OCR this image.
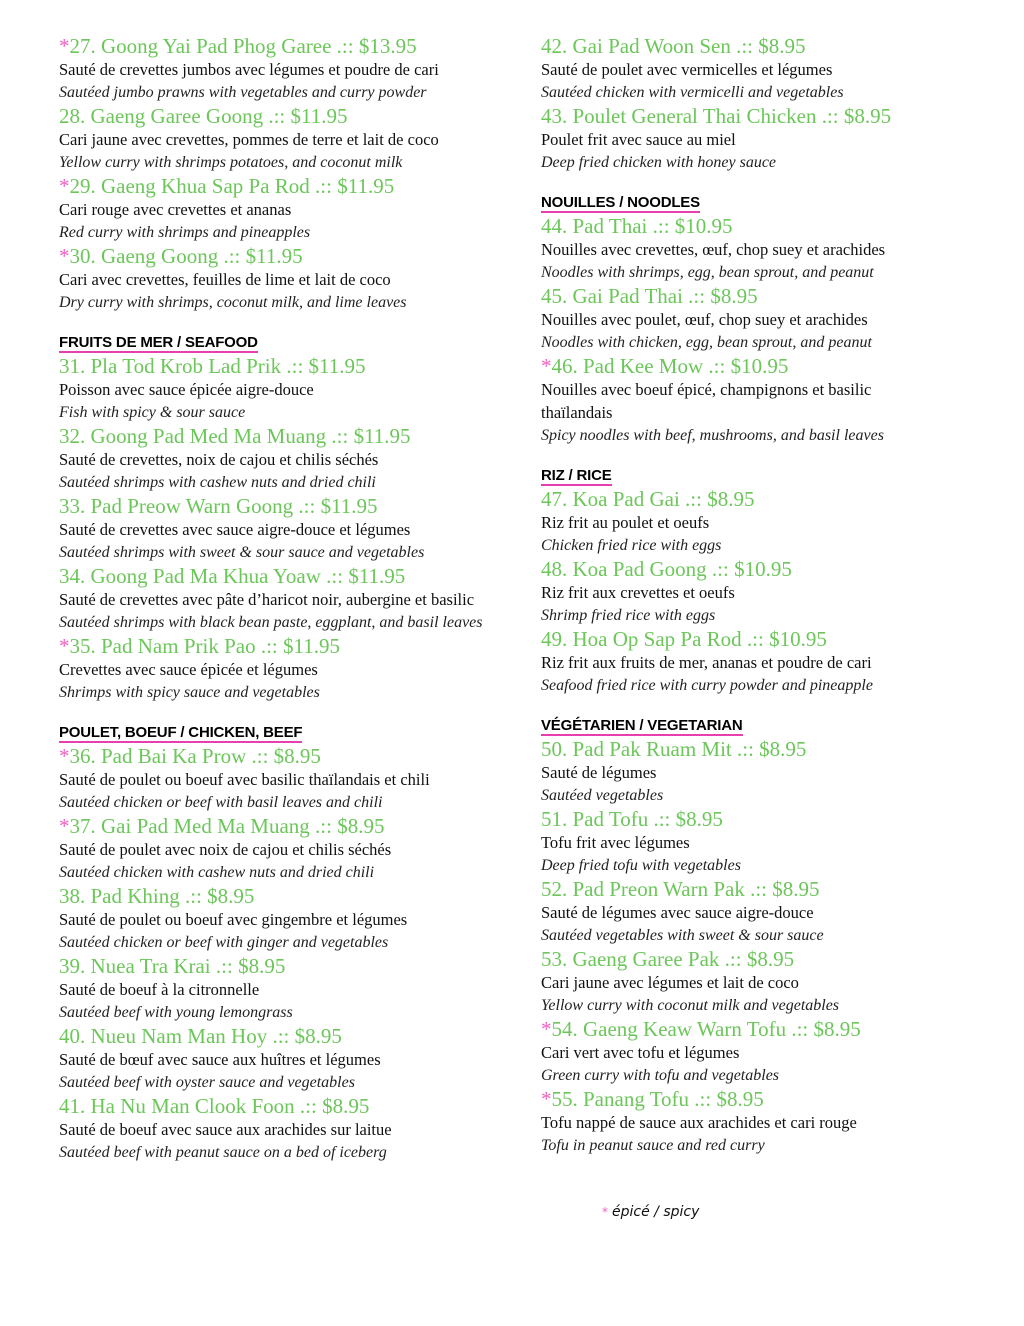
*27. Goong Yai Pad Phog Garee .:: $13.95
Sauté de crevettes jumbos avec légumes et poudre de cari
Sautéed jumbo prawns with vegetables and curry powder
28. Gaeng Garee Goong .:: $11.95
Cari jaune avec crevettes, pommes de terre et lait de coco
Yellow curry with shrimps potatoes, and coconut milk
*29. Gaeng Khua Sap Pa Rod .:: $11.95
Cari rouge avec crevettes et ananas
Red curry with shrimps and pineapples
*30. Gaeng Goong .:: $11.95
Cari avec crevettes, feuilles de lime et lait de coco
Dry curry with shrimps, coconut milk, and lime leaves
FRUITS DE MER / SEAFOOD
31. Pla Tod Krob Lad Prik .:: $11.95
Poisson avec sauce épicée aigre-douce
Fish with spicy & sour sauce
32. Goong Pad Med Ma Muang .:: $11.95
Sauté de crevettes, noix de cajou et chilis séchés
Sautéed shrimps with cashew nuts and dried chili
33. Pad Preow Warn Goong .:: $11.95
Sauté de crevettes avec sauce aigre-douce et légumes
Sautéed shrimps with sweet & sour sauce and vegetables
34. Goong Pad Ma Khua Yoaw .:: $11.95
Sauté de crevettes avec pâte d’haricot noir, aubergine et basilic
Sautéed shrimps with black bean paste, eggplant, and basil leaves
*35. Pad Nam Prik Pao .:: $11.95
Crevettes avec sauce épicée et légumes
Shrimps with spicy sauce and vegetables
POULET, BOEUF / CHICKEN, BEEF
*36. Pad Bai Ka Prow .:: $8.95
Sauté de poulet ou boeuf avec basilic thaïlandais et chili
Sautéed chicken or beef with basil leaves and chili
*37. Gai Pad Med Ma Muang .:: $8.95
Sauté de poulet avec noix de cajou et chilis séchés
Sautéed chicken with cashew nuts and dried chili
38. Pad Khing .:: $8.95
Sauté de poulet ou boeuf avec gingembre et légumes
Sautéed chicken or beef with ginger and vegetables
39. Nuea Tra Krai .:: $8.95
Sauté de boeuf à la citronnelle
Sautéed beef with young lemongrass
40. Nueu Nam Man Hoy .:: $8.95
Sauté de bœuf avec sauce aux huîtres et légumes
Sautéed beef with oyster sauce and vegetables
41. Ha Nu Man Clook Foon .:: $8.95
Sauté de boeuf avec sauce aux arachides sur laitue
Sautéed beef with peanut sauce on a bed of iceberg
42. Gai Pad Woon Sen .:: $8.95
Sauté de poulet avec vermicelles et légumes
Sautéed chicken with vermicelli and vegetables
43. Poulet General Thai Chicken .:: $8.95
Poulet frit avec sauce au miel
Deep fried chicken with honey sauce
NOUILLES / NOODLES
44. Pad Thai .:: $10.95
Nouilles avec crevettes, œuf, chop suey et arachides
Noodles with shrimps, egg, bean sprout, and peanut
45. Gai Pad Thai .:: $8.95
Nouilles avec poulet, œuf, chop suey et arachides
Noodles with chicken, egg, bean sprout, and peanut
*46. Pad Kee Mow .:: $10.95
Nouilles avec boeuf épicé, champignons et basilic thaïlandais
Spicy noodles with beef, mushrooms, and basil leaves
RIZ / RICE
47. Koa Pad Gai .:: $8.95
Riz frit au poulet et oeufs
Chicken fried rice with eggs
48. Koa Pad Goong .:: $10.95
Riz frit aux crevettes et oeufs
Shrimp fried rice with eggs
49. Hoa Op Sap Pa Rod .:: $10.95
Riz frit aux fruits de mer, ananas et poudre de cari
Seafood fried rice with curry powder and pineapple
VÉGÉTARIEN / VEGETARIAN
50. Pad Pak Ruam Mit .:: $8.95
Sauté de légumes
Sautéed vegetables
51. Pad Tofu .:: $8.95
Tofu frit avec légumes
Deep fried tofu with vegetables
52. Pad Preon Warn Pak .:: $8.95
Sauté de légumes avec sauce aigre-douce
Sautéed vegetables with sweet & sour sauce
53. Gaeng Garee Pak .:: $8.95
Cari jaune avec légumes et lait de coco
Yellow curry with coconut milk and vegetables
*54. Gaeng Keaw Warn Tofu .:: $8.95
Cari vert avec tofu et légumes
Green curry with tofu and vegetables
*55. Panang Tofu .:: $8.95
Tofu nappé de sauce aux arachides et cari rouge
Tofu in peanut sauce and red curry
* épicé / spicy
